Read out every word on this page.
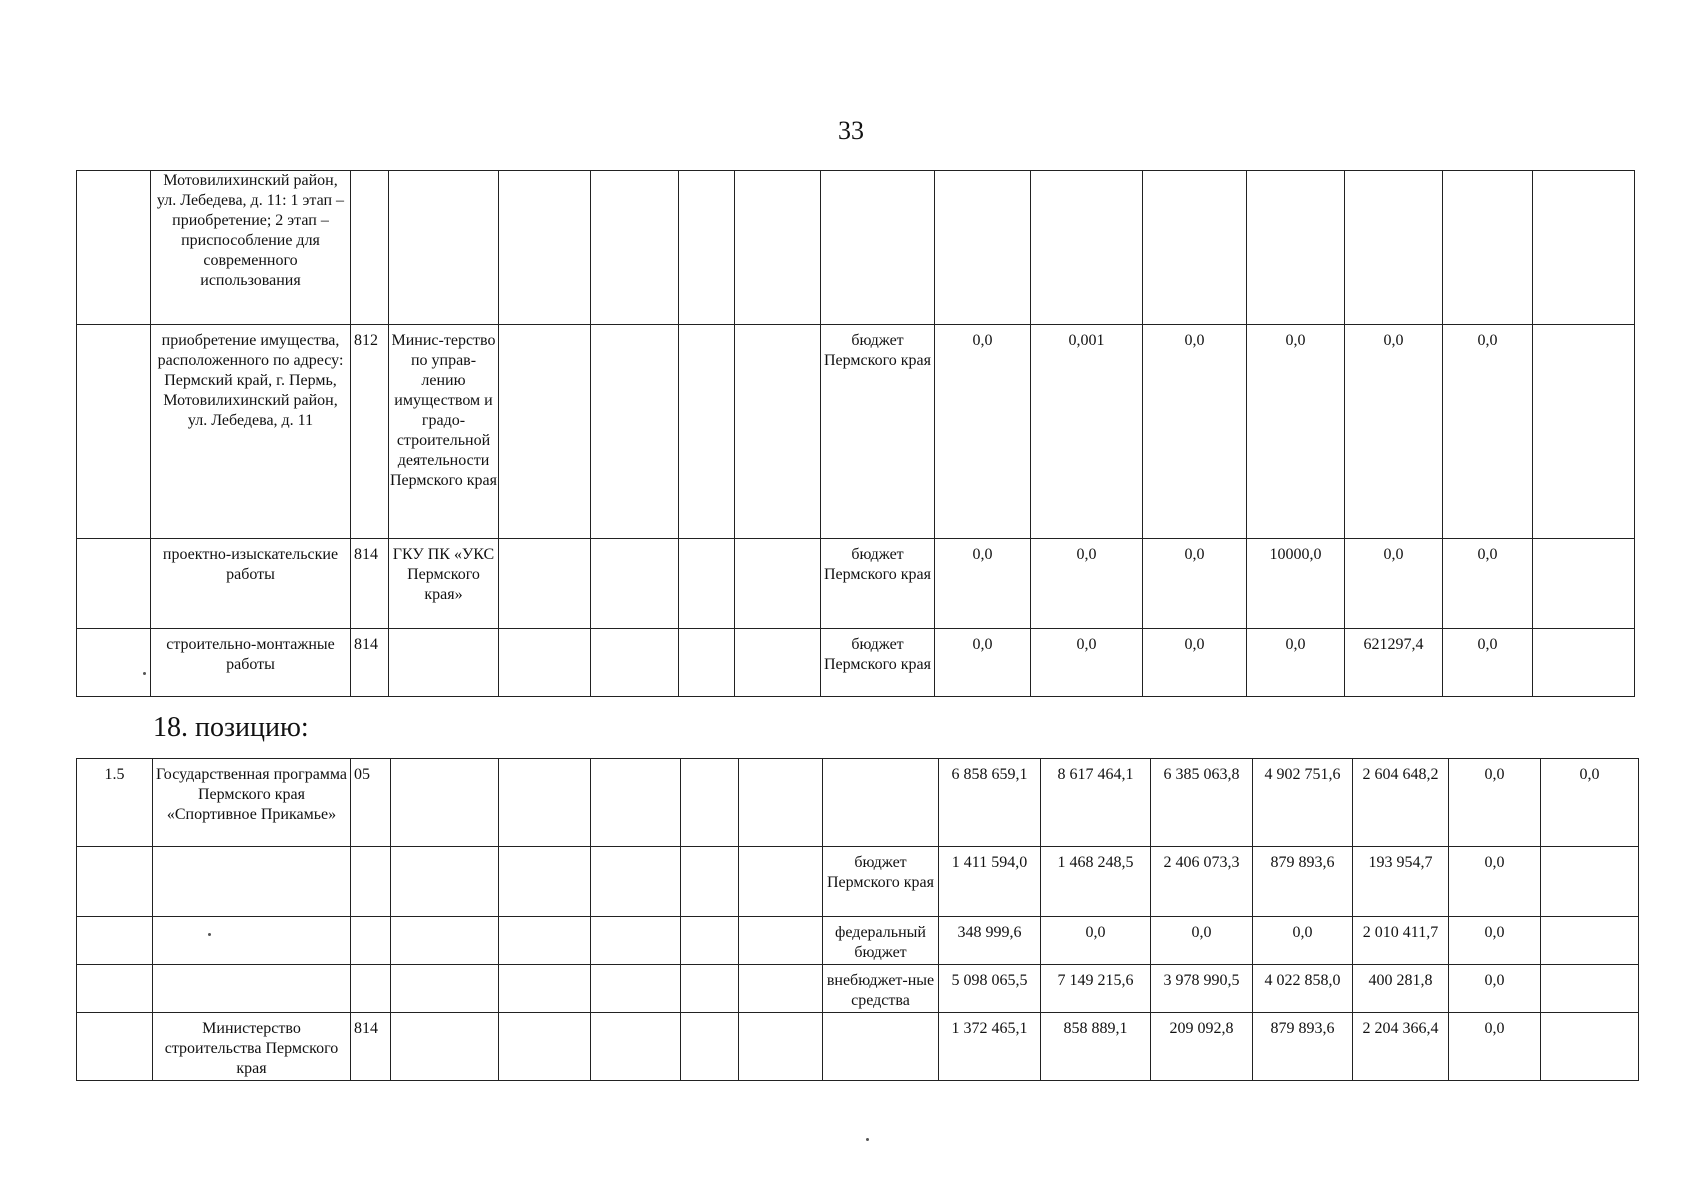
33
	Мотовилихинский район, ул. Лебедева, д. 11: 1 этап – приобретение; 2 этап – приспособление для современного использования														
	приобретение имущества, расположенного по адресу: Пермский край, г. Пермь, Мотовилихинский район, ул. Лебедева, д. 11	812	Минис-терство по управ-лению имуществом и градо-строительной деятельности Пермского края					бюджет Пермского края	0,0	0,001	0,0	0,0	0,0	0,0	
	проектно-изыскательские работы	814	ГКУ ПК «УКС Пермского края»					бюджет Пермского края	0,0	0,0	0,0	10000,0	0,0	0,0	
	строительно-монтажные работы	814						бюджет Пермского края	0,0	0,0	0,0	0,0	621297,4	0,0	
18. позицию:
1.5	Государственная программа Пермского края «Спортивное Прикамье»	05							6 858 659,1	8 617 464,1	6 385 063,8	4 902 751,6	2 604 648,2	0,0	0,0
								бюджет Пермского края	1 411 594,0	1 468 248,5	2 406 073,3	879 893,6	193 954,7	0,0	
								федеральный бюджет	348 999,6	0,0	0,0	0,0	2 010 411,7	0,0	
								внебюджет-ные средства	5 098 065,5	7 149 215,6	3 978 990,5	4 022 858,0	400 281,8	0,0	
	Министерство строительства Пермского края	814							1 372 465,1	858 889,1	209 092,8	879 893,6	2 204 366,4	0,0	
